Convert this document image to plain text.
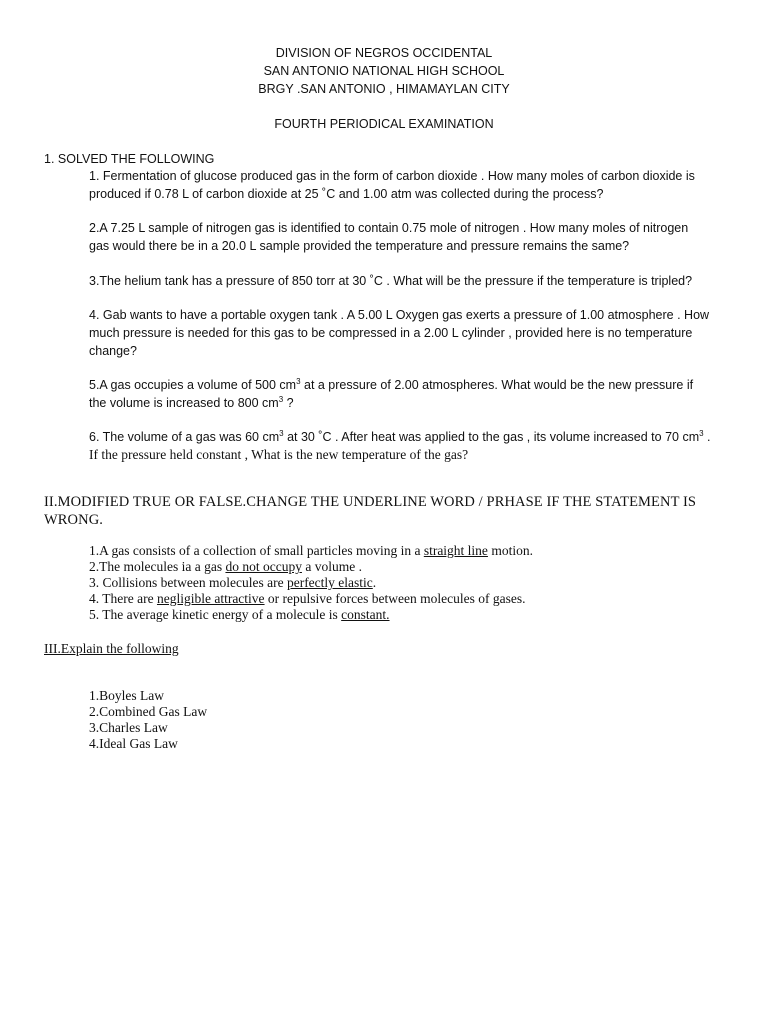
DIVISION OF NEGROS OCCIDENTAL
SAN ANTONIO NATIONAL HIGH SCHOOL
BRGY .SAN ANTONIO , HIMAMAYLAN CITY
FOURTH PERIODICAL EXAMINATION
1. SOLVED THE FOLLOWING
1. Fermentation of glucose produced gas in the form of carbon dioxide . How many moles of carbon dioxide is
produced if 0.78 L of carbon dioxide at 25 ˚C and 1.00 atm was collected during the process?
2.A 7.25 L sample of nitrogen gas is identified to contain 0.75 mole of nitrogen . How many moles of nitrogen
gas would there be in a 20.0 L sample provided the temperature and pressure remains the same?
3.The helium tank has a pressure of 850 torr at 30 ˚C . What will be the pressure if the temperature is tripled?
4. Gab wants to have a portable oxygen tank . A 5.00 L Oxygen gas exerts a pressure of 1.00 atmosphere . How
much pressure is needed for this gas to be compressed in a 2.00 L cylinder , provided here is no temperature
change?
5.A gas occupies a volume of 500 $cm^3$ at a pressure of 2.00 atmospheres. What would be the new pressure if
the volume is increased to 800 $cm^3$ ?
6. The volume of a gas was 60 $cm^3$ at 30 ˚C . After heat was applied to the gas , its volume increased to 70 $cm^3$ .
If the pressure held constant , What is the new temperature of the gas?
II.MODIFIED TRUE OR FALSE.CHANGE THE UNDERLINE WORD / PRHASE IF THE STATEMENT IS
WRONG.
1.A gas consists of a collection of small particles moving in a straight line motion.
2.The molecules ia a gas do not occupy a volume .
3. Collisions between molecules are perfectly elastic.
4. There are negligible attractive or repulsive forces between molecules of gases.
5. The average kinetic energy of a molecule is constant.
III.Explain the following
1.Boyles Law
2.Combined Gas Law
3.Charles Law
4.Ideal Gas Law
